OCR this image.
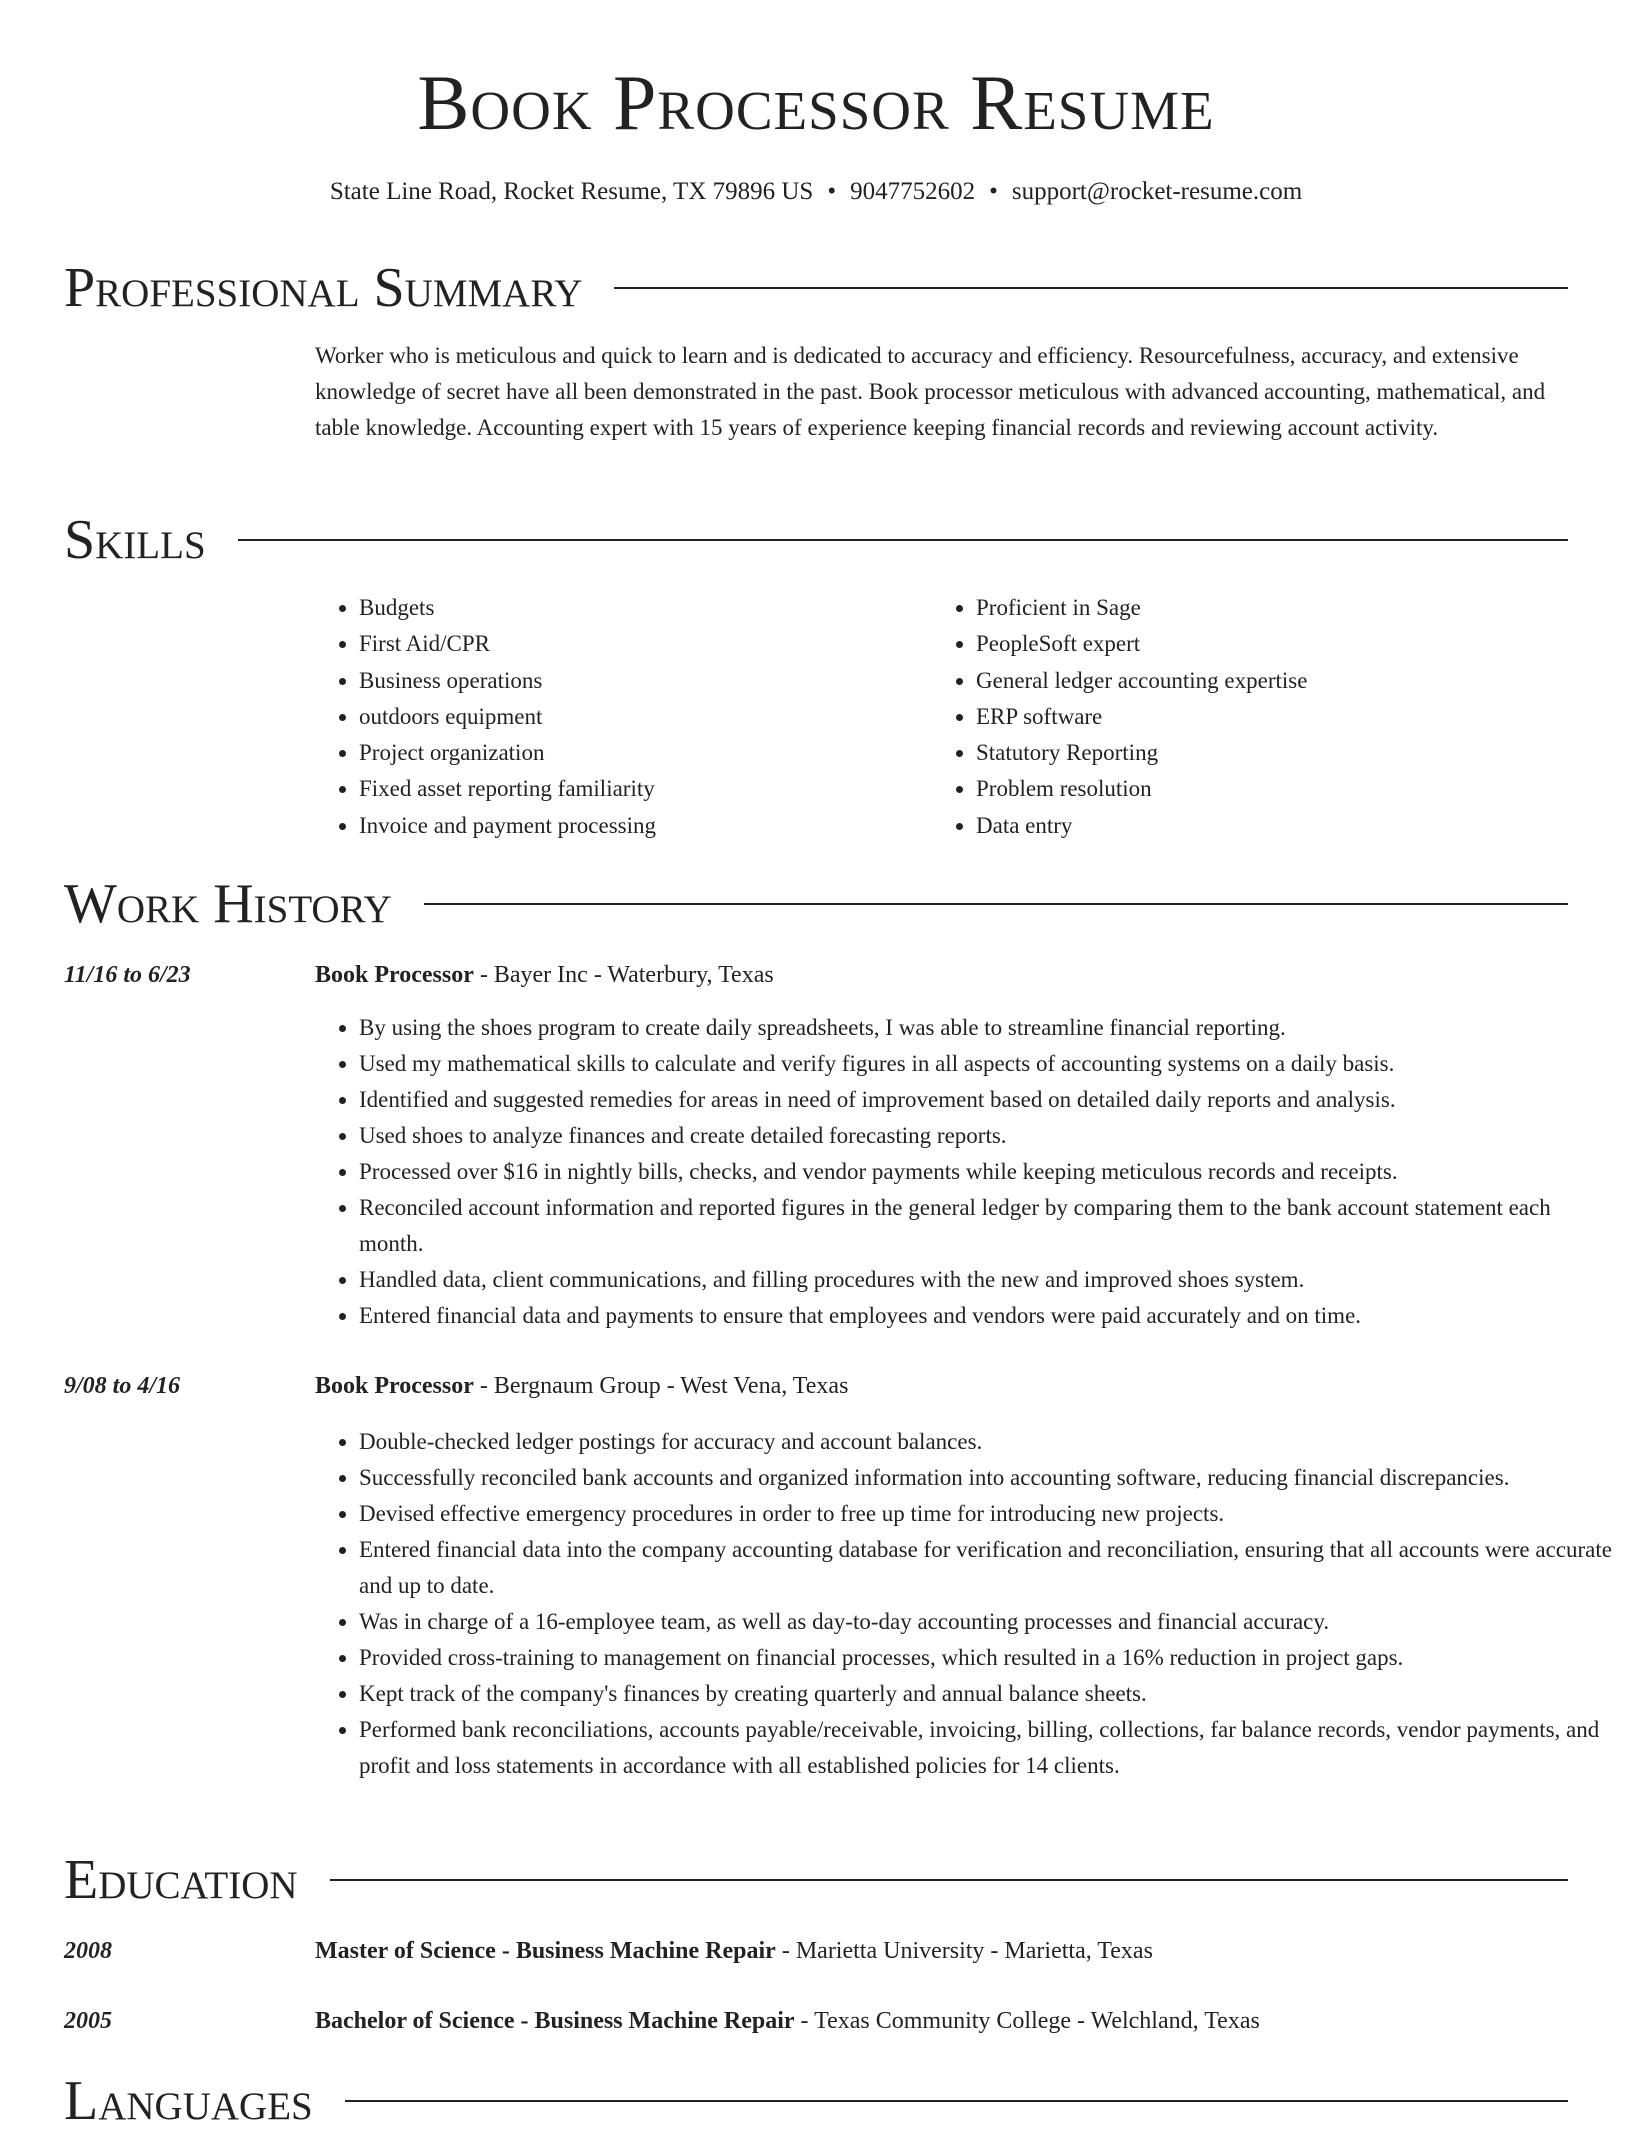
Book Processor Resume
State Line Road, Rocket Resume, TX 79896 US • 9047752602 • support@rocket-resume.com
Professional Summary

Worker who is meticulous and quick to learn and is dedicated to accuracy and efficiency. Resourcefulness, accuracy, and extensive knowledge of secret have all been demonstrated in the past. Book processor meticulous with advanced accounting, mathematical, and table knowledge. Accounting expert with 15 years of experience keeping financial records and reviewing account activity.

Skills
• Budgets
• First Aid/CPR
• Business operations
• outdoors equipment
• Project organization
• Fixed asset reporting familiarity
• Invoice and payment processing
• Proficient in Sage
• PeopleSoft expert
• General ledger accounting expertise
• ERP software
• Statutory Reporting
• Problem resolution
• Data entry
Work History
11/16 to 6/23	Book Processor - Bayer Inc - Waterbury, Texas
• By using the shoes program to create daily spreadsheets, I was able to streamline financial reporting.
• Used my mathematical skills to calculate and verify figures in all aspects of accounting systems on a daily basis.
• Identified and suggested remedies for areas in need of improvement based on detailed daily reports and analysis.
• Used shoes to analyze finances and create detailed forecasting reports.
• Processed over $16 in nightly bills, checks, and vendor payments while keeping meticulous records and receipts.
• Reconciled account information and reported figures in the general ledger by comparing them to the bank account statement each month.
• Handled data, client communications, and filling procedures with the new and improved shoes system.
• Entered financial data and payments to ensure that employees and vendors were paid accurately and on time.
9/08 to 4/16	Book Processor - Bergnaum Group - West Vena, Texas
• Double-checked ledger postings for accuracy and account balances.
• Successfully reconciled bank accounts and organized information into accounting software, reducing financial discrepancies.
• Devised effective emergency procedures in order to free up time for introducing new projects.
• Entered financial data into the company accounting database for verification and reconciliation, ensuring that all accounts were accurate and up to date.
• Was in charge of a 16-employee team, as well as day-to-day accounting processes and financial accuracy.
• Provided cross-training to management on financial processes, which resulted in a 16% reduction in project gaps.
• Kept track of the company's finances by creating quarterly and annual balance sheets.
• Performed bank reconciliations, accounts payable/receivable, invoicing, billing, collections, far balance records, vendor payments, and profit and loss statements in accordance with all established policies for 14 clients.
Education
2008	Master of Science - Business Machine Repair - Marietta University - Marietta, Texas
2005	Bachelor of Science - Business Machine Repair - Texas Community College - Welchland, Texas
Languages
